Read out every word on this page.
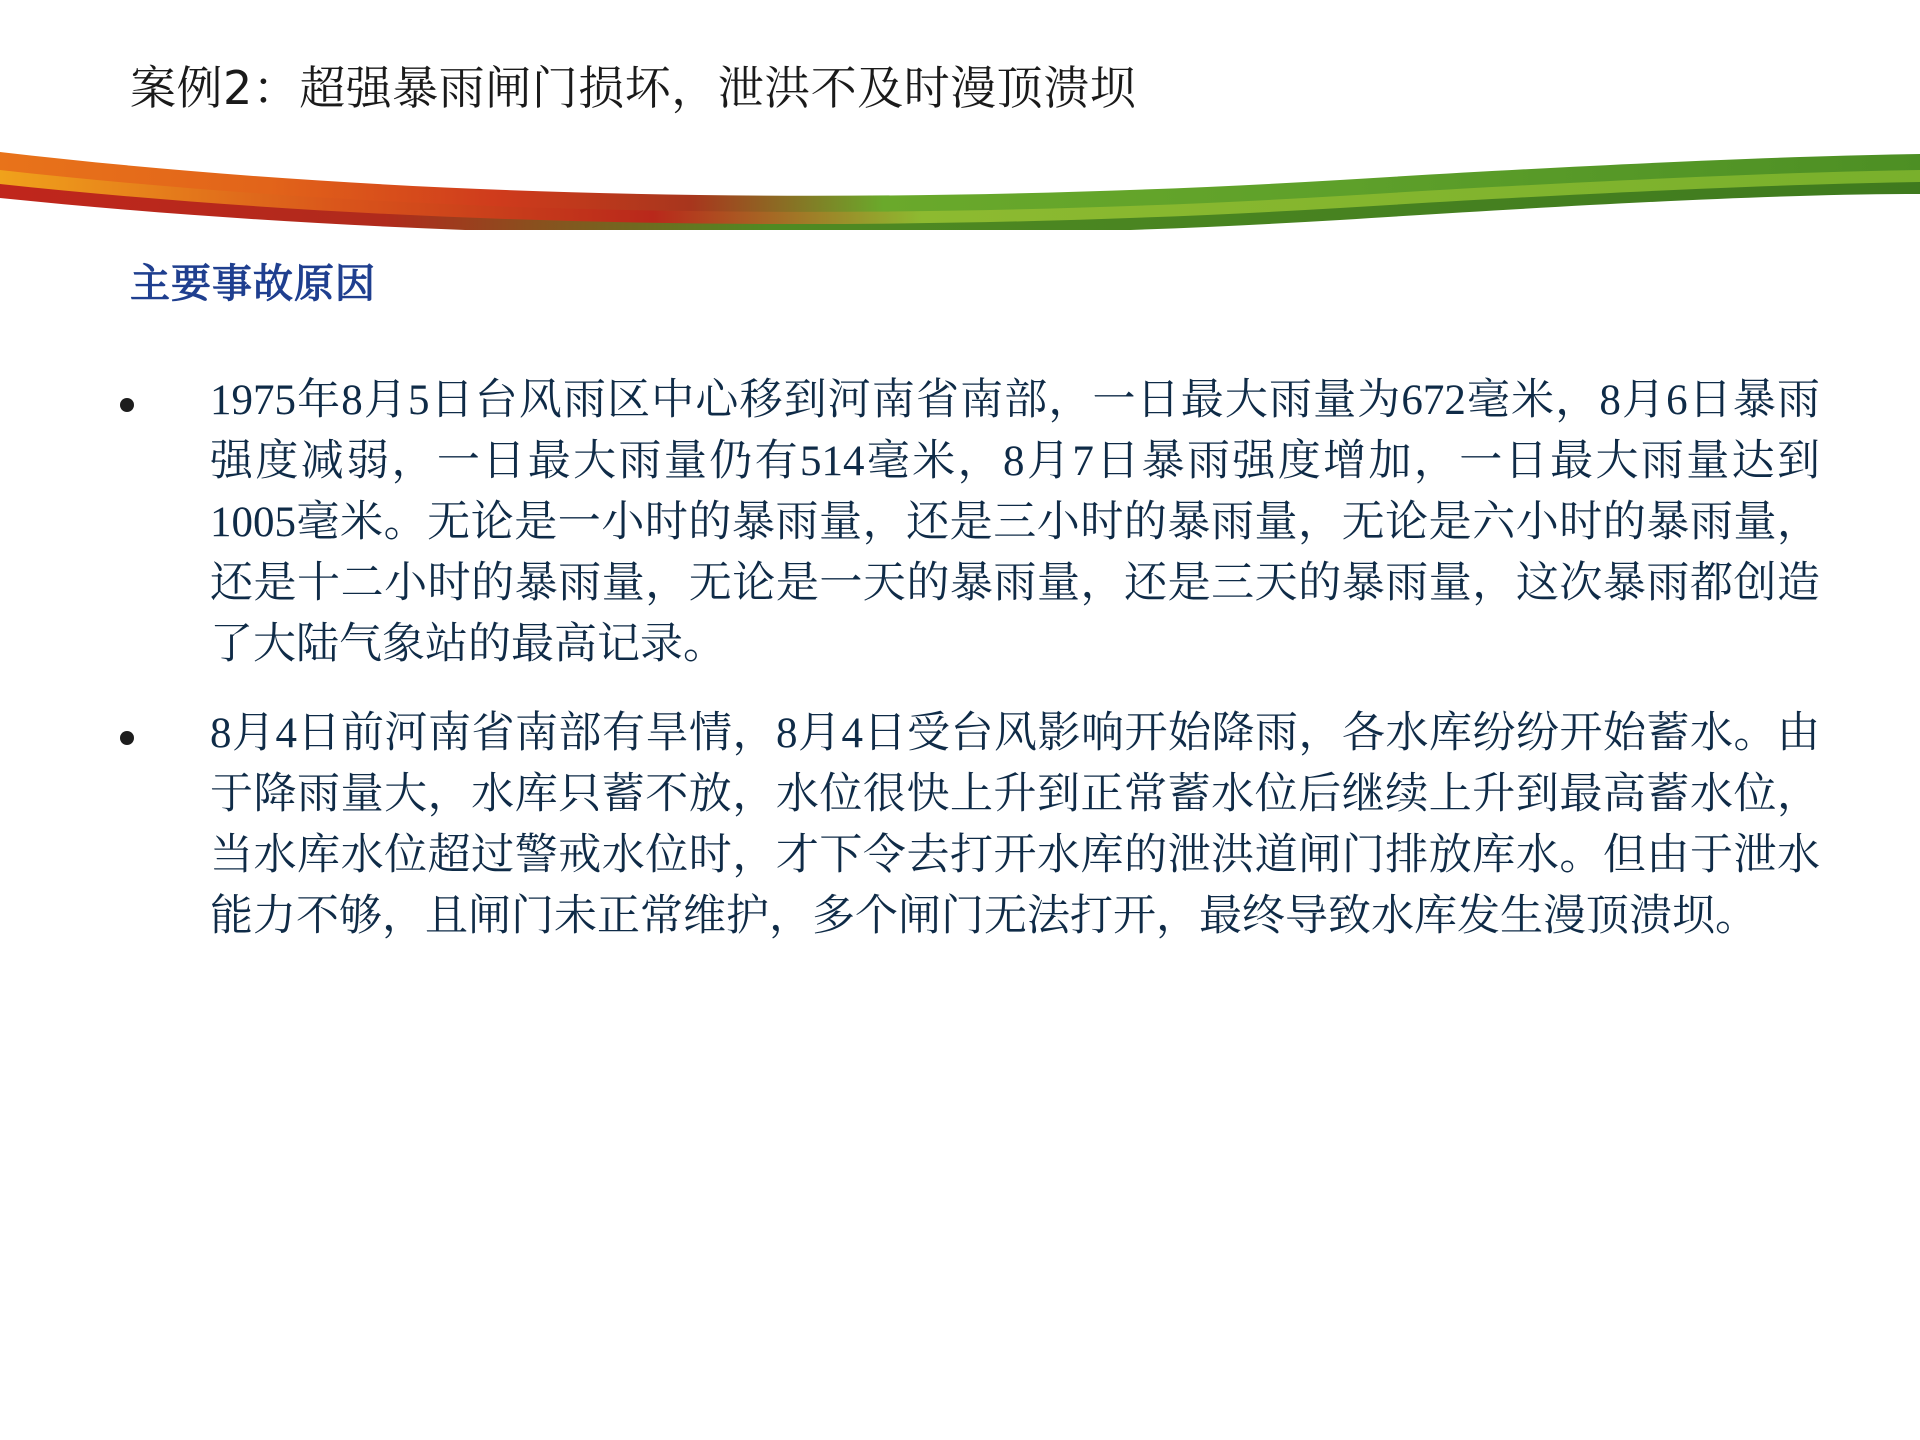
案例2：超强暴雨闸门损坏，泄洪不及时漫顶溃坝
主要事故原因
1975年8月5日台风雨区中心移到河南省南部，一日最大雨量为672毫米，8月6日暴雨强度减弱，一日最大雨量仍有514毫米，8月7日暴雨强度增加，一日最大雨量达到1005毫米。无论是一小时的暴雨量，还是三小时的暴雨量，无论是六小时的暴雨量，还是十二小时的暴雨量，无论是一天的暴雨量，还是三天的暴雨量，这次暴雨都创造了大陆气象站的最高记录。
8月4日前河南省南部有旱情，8月4日受台风影响开始降雨，各水库纷纷开始蓄水。由于降雨量大，水库只蓄不放，水位很快上升到正常蓄水位后继续上升到最高蓄水位，当水库水位超过警戒水位时，才下令去打开水库的泄洪道闸门排放库水。但由于泄水能力不够，且闸门未正常维护，多个闸门无法打开，最终导致水库发生漫顶溃坝。
